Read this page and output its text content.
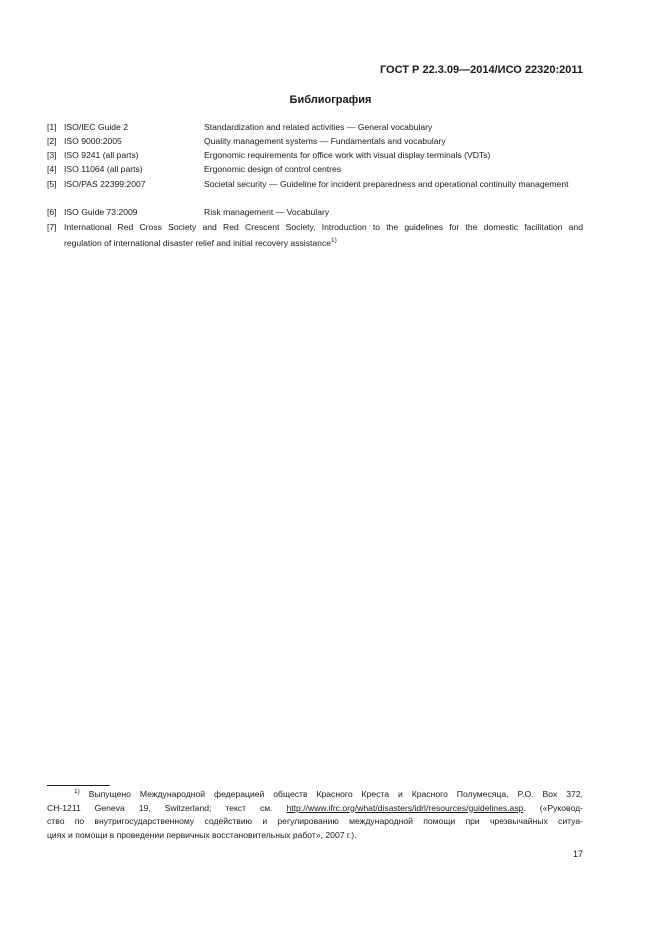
ГОСТ Р 22.3.09—2014/ИСО 22320:2011
Библиография
[1] ISO/IEC Guide 2	Standardization and related activities — General vocabulary
[2] ISO 9000:2005	Quality management systems — Fundamentals and vocabulary
[3] ISO 9241 (all parts)	Ergonomic requirements for office work with visual display terminals (VDTs)
[4] ISO 11064 (all parts)	Ergonomic design of control centres
[5] ISO/PAS 22399:2007	Societal security — Guideline for incident preparedness and operational continuity management
[6] ISO Guide 73:2009	Risk management — Vocabulary
[7] International Red Cross Society and Red Crescent Society, Introduction to the guidelines for the domestic facilitation and
regulation of international disaster relief and initial recovery assistance$^{1)}$
$^{1)}$ Выпущено Международной федерацией обществ Красного Креста и Красного Полумесяца, P.O. Box 372,
CH-1211 Geneva 19, Switzerland; текст см. http://www.ifrc.org/what/disasters/idrl/resources/guidelines.asp. («Руковод-
ство по внутригосударственному содействию и регулированию международной помощи при чрезвычайных ситуа-
циях и помощи в проведении первичных восстановительных работ», 2007 г.).
17
